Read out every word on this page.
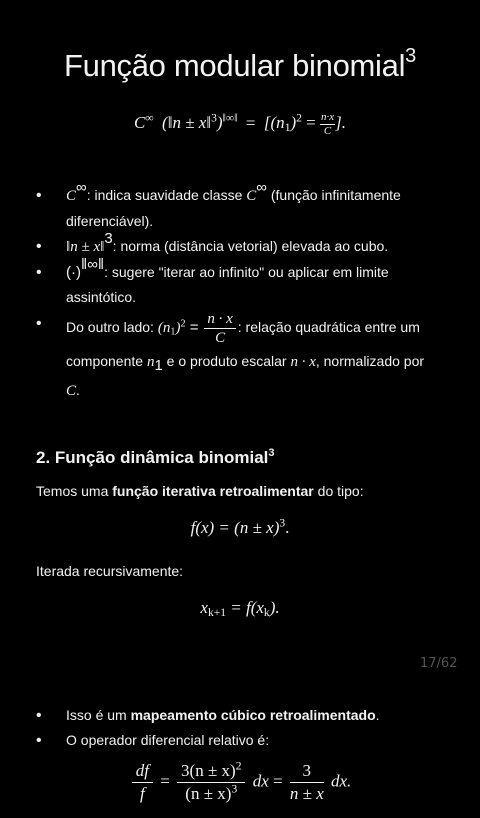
Função modular binomial$^3$
C∞ (‖n ± x‖$^3$)‖∞‖ = [$(n_1)^2 = \frac{n\cdot x}{C}$ ].
• C∞: indica suavidade classe C∞ (função infinitamente diferenciável).
• ‖n ± x‖$^3$: norma (distância vetorial) elevada ao cubo.
• (·)‖∞‖: sugere "iterar ao infinito" ou aplicar em limite assintótico.
• Do outro lado: $(n_1)^2 = \frac{n \cdot x}{C}$ : relação quadrática entre um componente $n_1$ e o produto escalar n · x, normalizado por C.
2. Função dinâmica binomial$^3$
Temos uma função iterativa retroalimentar do tipo:
$f(x) = (n \pm x)^3$.
Iterada recursivamente:
$x_{k+1} = f(x_k)$.
17/62
• Isso é um mapeamento cúbico retroalimentado.
• O operador diferencial relativo é:
$\frac{df}{f} = \frac{3(n \pm x)^2}{(n \pm x)^3}$ dx = $\frac{3}{n \pm x}$ dx.
